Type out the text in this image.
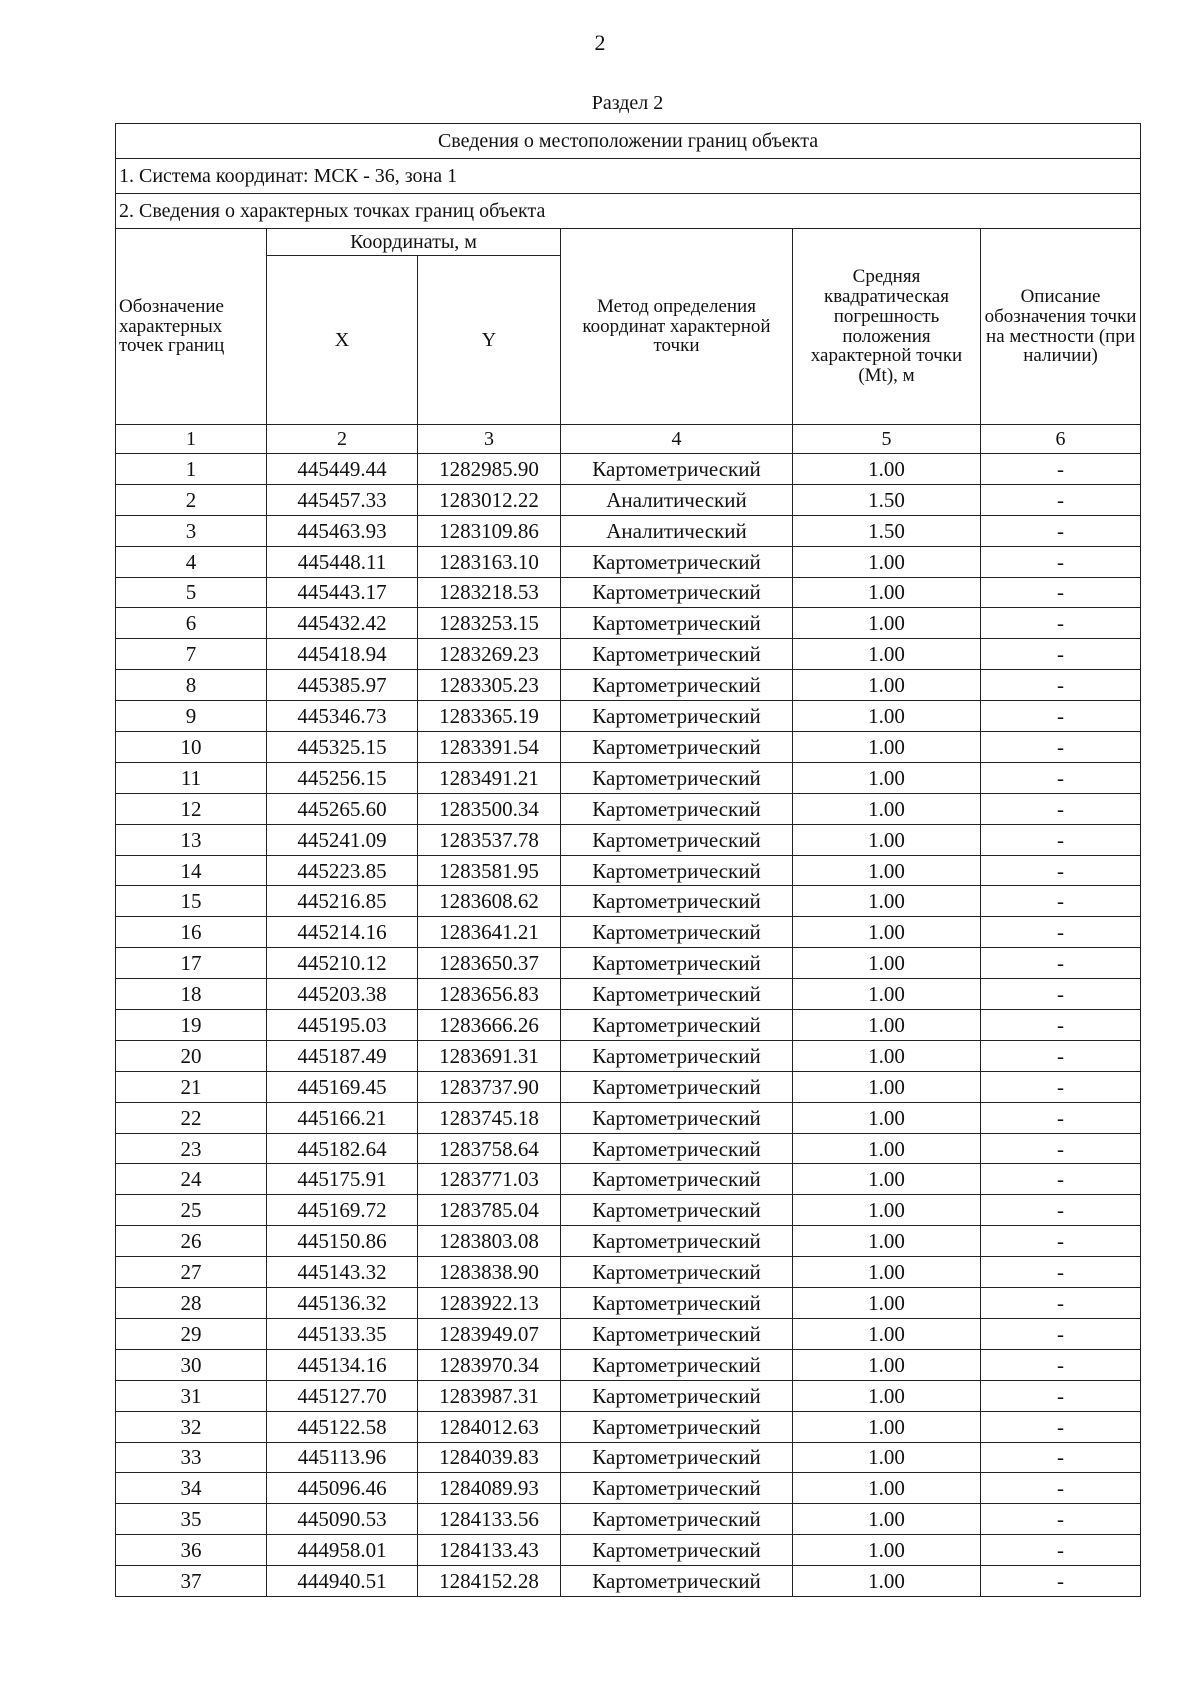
2
Раздел 2
Сведения о местоположении границ объекта					
1. Система координат: МСК - 36, зона 1					
2. Сведения о характерных точках границ объекта					
Обозначение характерных точек границ	Координаты, м		Метод определения координат характерной точки	Средняя квадратическая погрешность положения характерной точки (Mt), м	Описание обозначения точки на местности (при наличии)
	X	Y			
1	2	3	4	5	6
1	445449.44	1282985.90	Картометрический	1.00	-
2	445457.33	1283012.22	Аналитический	1.50	-
3	445463.93	1283109.86	Аналитический	1.50	-
4	445448.11	1283163.10	Картометрический	1.00	-
5	445443.17	1283218.53	Картометрический	1.00	-
6	445432.42	1283253.15	Картометрический	1.00	-
7	445418.94	1283269.23	Картометрический	1.00	-
8	445385.97	1283305.23	Картометрический	1.00	-
9	445346.73	1283365.19	Картометрический	1.00	-
10	445325.15	1283391.54	Картометрический	1.00	-
11	445256.15	1283491.21	Картометрический	1.00	-
12	445265.60	1283500.34	Картометрический	1.00	-
13	445241.09	1283537.78	Картометрический	1.00	-
14	445223.85	1283581.95	Картометрический	1.00	-
15	445216.85	1283608.62	Картометрический	1.00	-
16	445214.16	1283641.21	Картометрический	1.00	-
17	445210.12	1283650.37	Картометрический	1.00	-
18	445203.38	1283656.83	Картометрический	1.00	-
19	445195.03	1283666.26	Картометрический	1.00	-
20	445187.49	1283691.31	Картометрический	1.00	-
21	445169.45	1283737.90	Картометрический	1.00	-
22	445166.21	1283745.18	Картометрический	1.00	-
23	445182.64	1283758.64	Картометрический	1.00	-
24	445175.91	1283771.03	Картометрический	1.00	-
25	445169.72	1283785.04	Картометрический	1.00	-
26	445150.86	1283803.08	Картометрический	1.00	-
27	445143.32	1283838.90	Картометрический	1.00	-
28	445136.32	1283922.13	Картометрический	1.00	-
29	445133.35	1283949.07	Картометрический	1.00	-
30	445134.16	1283970.34	Картометрический	1.00	-
31	445127.70	1283987.31	Картометрический	1.00	-
32	445122.58	1284012.63	Картометрический	1.00	-
33	445113.96	1284039.83	Картометрический	1.00	-
34	445096.46	1284089.93	Картометрический	1.00	-
35	445090.53	1284133.56	Картометрический	1.00	-
36	444958.01	1284133.43	Картометрический	1.00	-
37	444940.51	1284152.28	Картометрический	1.00	-
